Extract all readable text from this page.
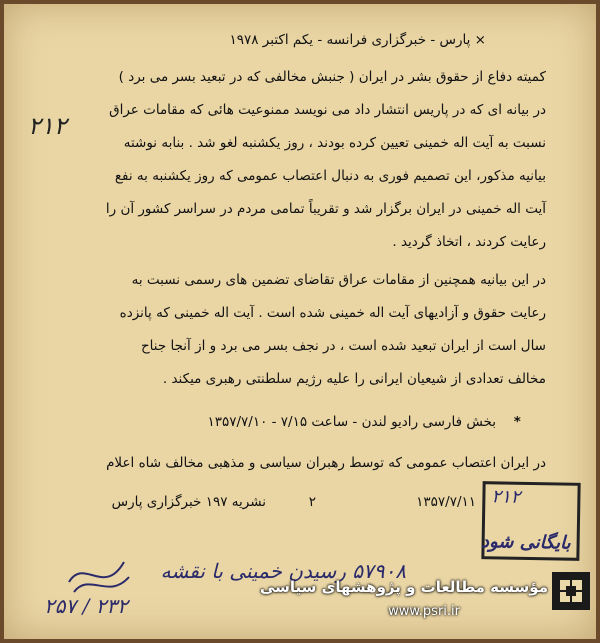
× پارس - خبرگزاری فرانسه - یکم اکتبر ۱۹۷۸
کمیته دفاع از حقوق بشر در ایران ( جنبش مخالفی که در تبعید بسر می برد )
در بیانه ای که در پاریس انتشار داد می نویسد ممنوعیت هائی که مقامات عراق
نسبت به آیت اله خمینی تعیین کرده بودند ، روز یکشنبه لغو شد . بنابه نوشته
بیانیه مذکور، این تصمیم فوری به دنبال اعتصاب عمومی که روز یکشنبه به نفع
آیت اله خمینی در ایران برگزار شد و تقریباً تمامی مردم در سراسر کشور آن را
رعایت کردند ، اتخاذ گردید .
در این بیانیه همچنین از مقامات عراق تقاضای تضمین های رسمی نسبت به
رعایت حقوق و آزادیهای آیت اله خمینی شده است . آیت اله خمینی که پانزده
سال است از ایران تبعید شده است ، در نجف بسر می برد و از آنجا جناح
مخالف تعدادی از شیعیان ایرانی را علیه رژیم سلطنتی رهبری میکند .
*
بخش فارسی رادیو لندن - ساعت ۷/۱۵ - ۱۳۵۷/۷/۱۰
در ایران اعتصاب عمومی که توسط رهبران سیاسی و مذهبی مخالف شاه اعلام
نشریه ۱۹۷ خبرگزاری پارس	۲	۱۳۵۷/۷/۱۱
۲۱۲
۲۱۲
بایگانی شود
۵۷۹۰۸ رسیدن خمینی با نقشه
۲۳۲ / ۲۵۷
مؤسسه مطالعات و پژوهشهای سیاسی
www.psri.ir
